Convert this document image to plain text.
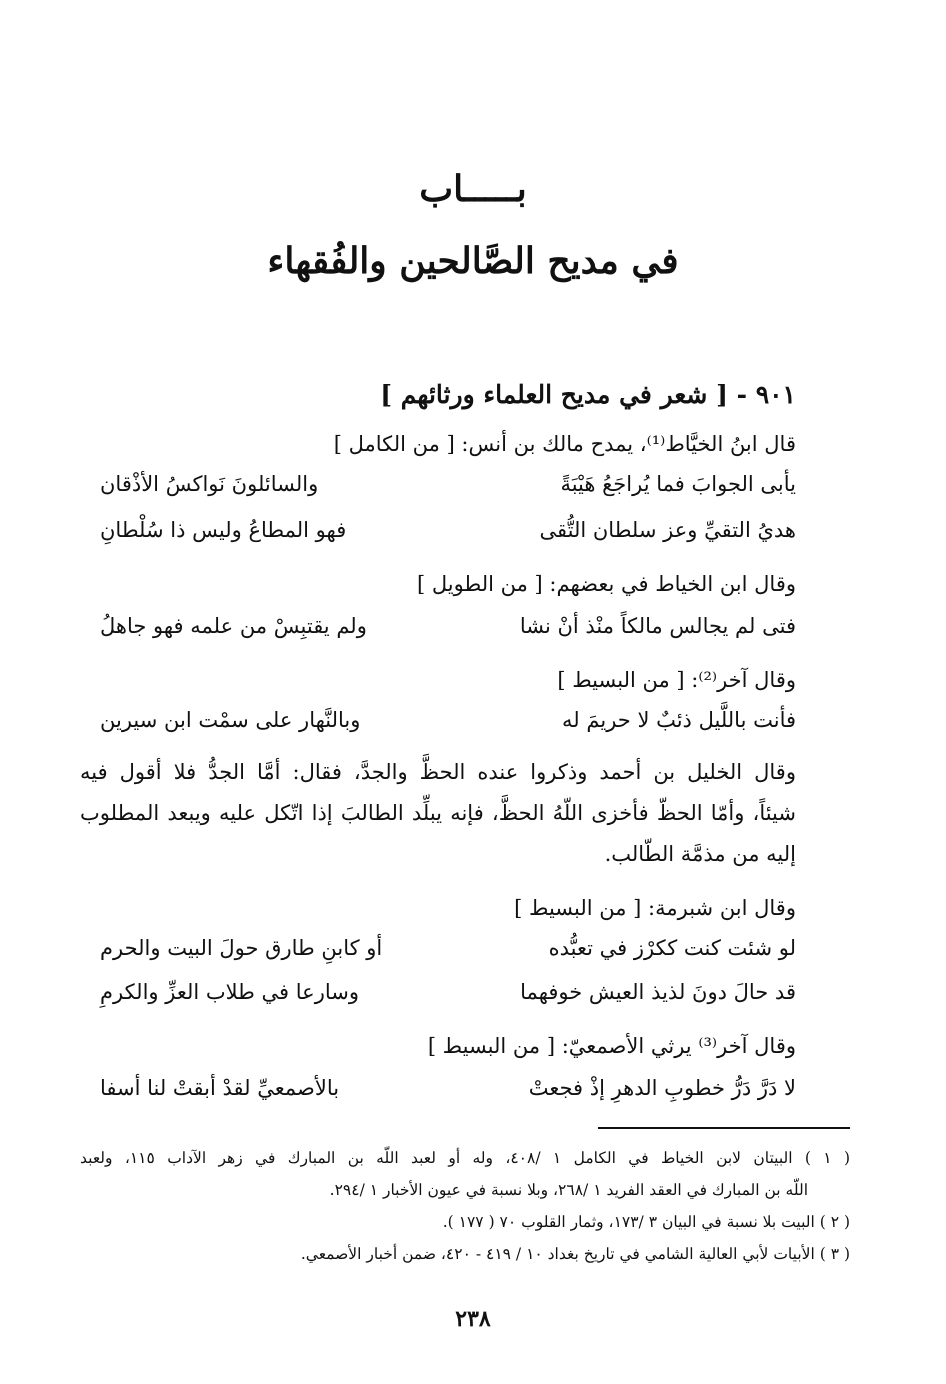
بـــــاب
في مديح الصَّالحين والفُقهاء
٩٠١ - [ شعر في مديح العلماء ورثائهم ]
قال ابنُ الخيَّاط⁽¹⁾، يمدح مالك بن أنس: [ من الكامل ]
يأبى الجوابَ فما يُراجَعُ هَيْبَةً
والسائلونَ نَواكسُ الأذْقان
هديُ التقيِّ وعز سلطان التُّقى
فهو المطاعُ وليس ذا سُلْطانِ
وقال ابن الخياط في بعضهم: [ من الطويل ]
فتى لم يجالس مالكاً منْذ أنْ نشا
ولم يقتبِسْ من علمه فهو جاهلُ
وقال آخر⁽²⁾: [ من البسيط ]
فأنت باللَّيل ذئبٌ لا حريمَ له
وبالنَّهار على سمْت ابن سيرين
وقال الخليل بن أحمد وذكروا عنده الحظَّ والجدَّ، فقال: أمَّا الجدُّ فلا أقول فيه
شيئاً، وأمّا الحظّ فأخزى اللّهُ الحظَّ، فإنه يبلِّد الطالبَ إذا اتّكل عليه ويبعد المطلوب
إليه من مذمَّة الطّالب.
وقال ابن شبرمة: [ من البسيط ]
لو شئت كنت ككرْز في تعبُّده
أو كابنِ طارق حولَ البيت والحرم
قد حالَ دونَ لذيذ العيش خوفهما
وسارعا في طلاب العزِّ والكرمِ
وقال آخر⁽³⁾ يرثي الأصمعيّ: [ من البسيط ]
لا دَرَّ دَرُّ خطوبِ الدهرِ إذْ فجعتْ
بالأصمعيِّ لقدْ أبقتْ لنا أسفا
( ١ ) البيتان لابن الخياط في الكامل ١ /٤٠٨، وله أو لعبد اللّه بن المبارك في زهر الآداب ١١٥، ولعبد
اللّه بن المبارك في العقد الفريد ١ /٢٦٨، وبلا نسبة في عيون الأخبار ١ /٢٩٤.
( ٢ ) البيت بلا نسبة في البيان ٣ /١٧٣، وثمار القلوب ٧٠ ( ١٧٧ ).
( ٣ ) الأبيات لأبي العالية الشامي في تاريخ بغداد ١٠ / ٤١٩ - ٤٢٠، ضمن أخبار الأصمعي.
٢٣٨
